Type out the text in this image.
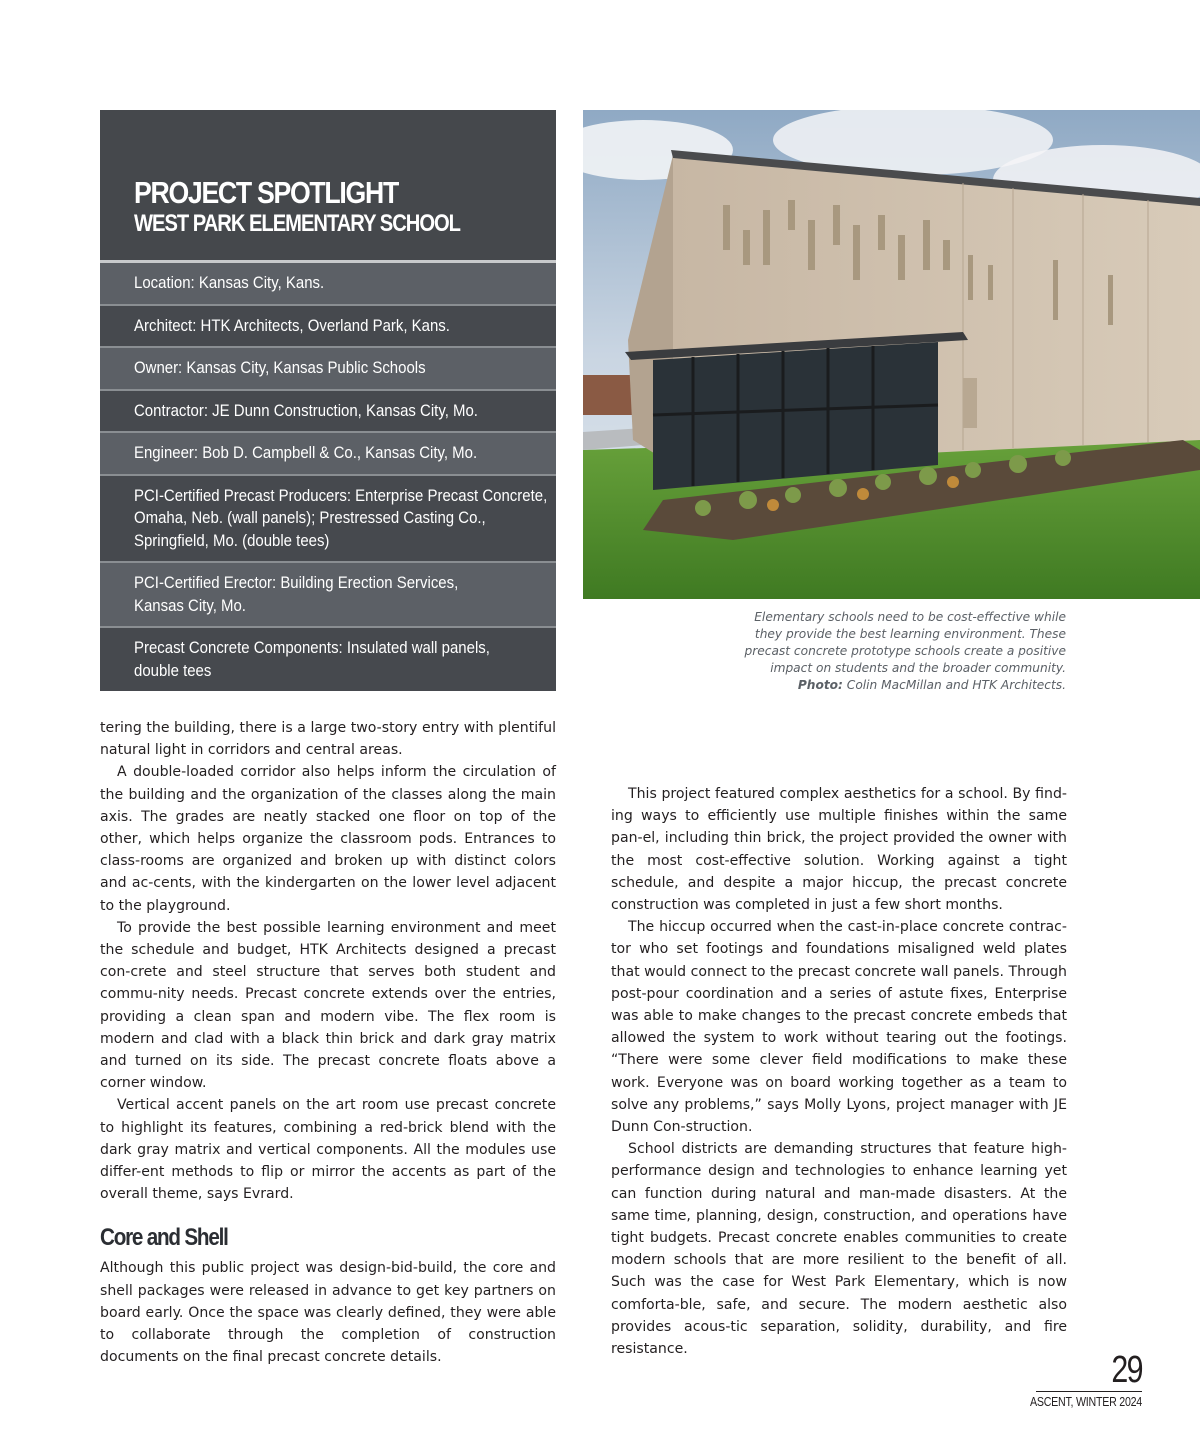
PROJECT SPOTLIGHT
WEST PARK ELEMENTARY SCHOOL
Location: Kansas City, Kans.
Architect: HTK Architects, Overland Park, Kans.
Owner: Kansas City, Kansas Public Schools
Contractor: JE Dunn Construction, Kansas City, Mo.
Engineer: Bob D. Campbell & Co., Kansas City, Mo.
PCI-Certified Precast Producers: Enterprise Precast Concrete,
Omaha, Neb. (wall panels); Prestressed Casting Co.,
Springfield, Mo. (double tees)
PCI-Certified Erector: Building Erection Services,
Kansas City, Mo.
Precast Concrete Components: Insulated wall panels,
double tees
Elementary schools need to be cost-effective while
they provide the best learning environment. These
precast concrete prototype schools create a positive
impact on students and the broader community.
Photo: Colin MacMillan and HTK Architects.

tering the building, there is a large two-story entry with plentiful natural light in corridors and central areas.

A double-loaded corridor also helps inform the circulation of the building and the organization of the classes along the main axis. The grades are neatly stacked one floor on top of the other, which helps organize the classroom pods. Entrances to class-rooms are organized and broken up with distinct colors and ac-cents, with the kindergarten on the lower level adjacent to the playground.

To provide the best possible learning environment and meet the schedule and budget, HTK Architects designed a precast con-crete and steel structure that serves both student and commu-nity needs. Precast concrete extends over the entries, providing a clean span and modern vibe. The flex room is modern and clad with a black thin brick and dark gray matrix and turned on its side. The precast concrete floats above a corner window.

Vertical accent panels on the art room use precast concrete to highlight its features, combining a red-brick blend with the dark gray matrix and vertical components. All the modules use differ-ent methods to flip or mirror the accents as part of the overall theme, says Evrard.

Core and Shell

Although this public project was design-bid-build, the core and shell packages were released in advance to get key partners on board early. Once the space was clearly defined, they were able to collaborate through the completion of construction documents on the final precast concrete details.

This project featured complex aesthetics for a school. By find-ing ways to efficiently use multiple finishes within the same pan-el, including thin brick, the project provided the owner with the most cost-effective solution. Working against a tight schedule, and despite a major hiccup, the precast concrete construction was completed in just a few short months.

The hiccup occurred when the cast-in-place concrete contrac-tor who set footings and foundations misaligned weld plates that would connect to the precast concrete wall panels. Through post-pour coordination and a series of astute fixes, Enterprise was able to make changes to the precast concrete embeds that allowed the system to work without tearing out the footings. “There were some clever field modifications to make these work. Everyone was on board working together as a team to solve any problems,” says Molly Lyons, project manager with JE Dunn Con-struction.

School districts are demanding structures that feature high-performance design and technologies to enhance learning yet can function during natural and man-made disasters. At the same time, planning, design, construction, and operations have tight budgets. Precast concrete enables communities to create modern schools that are more resilient to the benefit of all. Such was the case for West Park Elementary, which is now comforta-ble, safe, and secure. The modern aesthetic also provides acous-tic separation, solidity, durability, and fire resistance.	29
ASCENT, WINTER 2024
